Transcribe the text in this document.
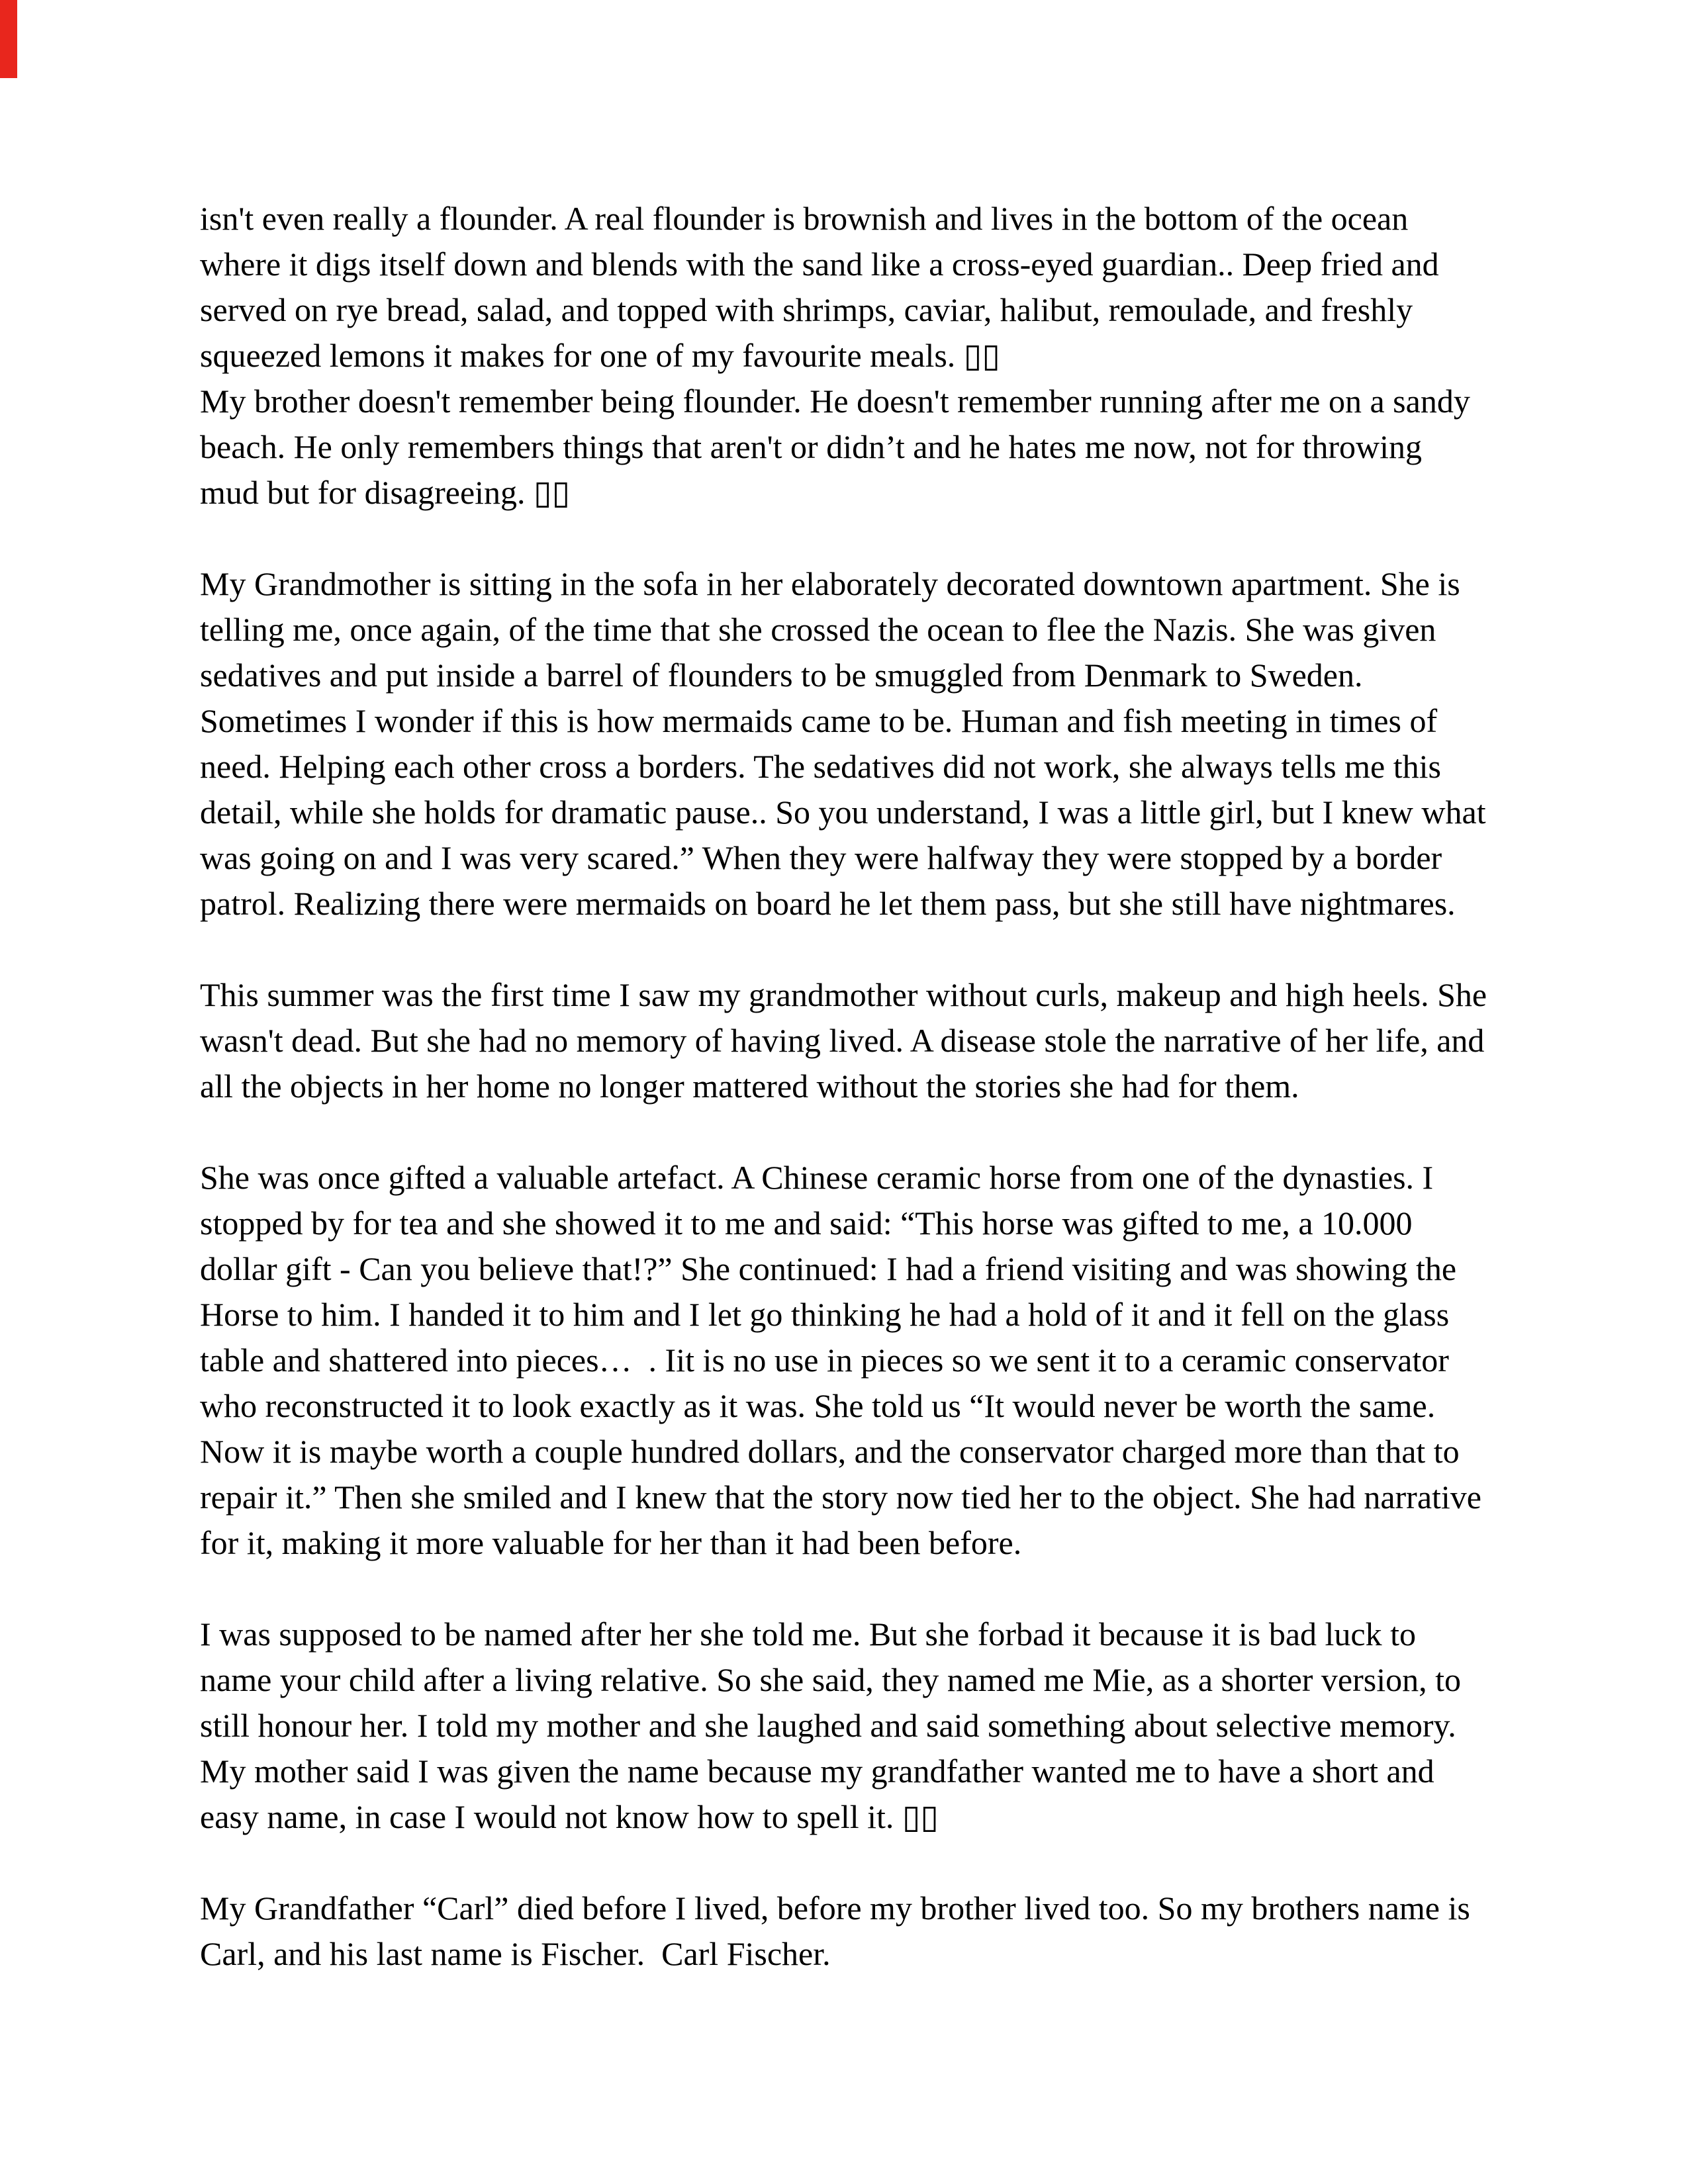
isn't even really a flounder. A real flounder is brownish and lives in the bottom of the ocean
where it digs itself down and blends with the sand like a cross-eyed guardian.. Deep fried and
served on rye bread, salad, and topped with shrimps, caviar, halibut, remoulade, and freshly
squeezed lemons it makes for one of my favourite meals. ▯▯
My brother doesn't remember being flounder. He doesn't remember running after me on a sandy
beach. He only remembers things that aren't or didn’t and he hates me now, not for throwing
mud but for disagreeing. ▯▯
My Grandmother is sitting in the sofa in her elaborately decorated downtown apartment. She is
telling me, once again, of the time that she crossed the ocean to flee the Nazis. She was given
sedatives and put inside a barrel of flounders to be smuggled from Denmark to Sweden.
Sometimes I wonder if this is how mermaids came to be. Human and fish meeting in times of
need. Helping each other cross a borders. The sedatives did not work, she always tells me this
detail, while she holds for dramatic pause.. So you understand, I was a little girl, but I knew what
was going on and I was very scared.” When they were halfway they were stopped by a border
patrol. Realizing there were mermaids on board he let them pass, but she still have nightmares.
This summer was the first time I saw my grandmother without curls, makeup and high heels. She
wasn't dead. But she had no memory of having lived. A disease stole the narrative of her life, and
all the objects in her home no longer mattered without the stories she had for them.
She was once gifted a valuable artefact. A Chinese ceramic horse from one of the dynasties. I
stopped by for tea and she showed it to me and said: “This horse was gifted to me, a 10.000
dollar gift - Can you believe that!?” She continued: I had a friend visiting and was showing the
Horse to him. I handed it to him and I let go thinking he had a hold of it and it fell on the glass
table and shattered into pieces…  . Iit is no use in pieces so we sent it to a ceramic conservator
who reconstructed it to look exactly as it was. She told us “It would never be worth the same.
Now it is maybe worth a couple hundred dollars, and the conservator charged more than that to
repair it.” Then she smiled and I knew that the story now tied her to the object. She had narrative
for it, making it more valuable for her than it had been before.
I was supposed to be named after her she told me. But she forbad it because it is bad luck to
name your child after a living relative. So she said, they named me Mie, as a shorter version, to
still honour her. I told my mother and she laughed and said something about selective memory.
My mother said I was given the name because my grandfather wanted me to have a short and
easy name, in case I would not know how to spell it. ▯▯
My Grandfather “Carl” died before I lived, before my brother lived too. So my brothers name is
Carl, and his last name is Fischer.  Carl Fischer.
